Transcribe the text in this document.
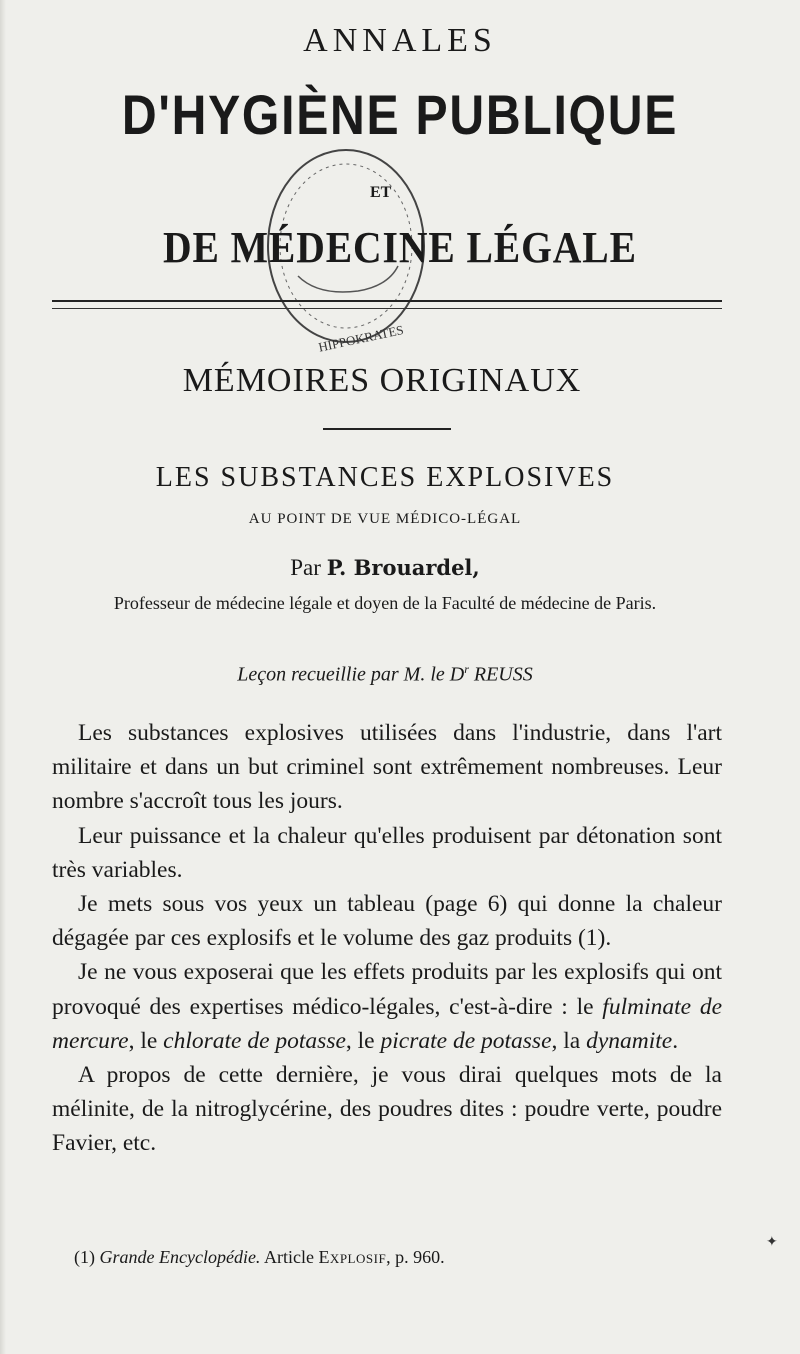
ANNALES
D'HYGIÈNE PUBLIQUE
HIPPOKRATES
ET
DE MÉDECINE LÉGALE
MÉMOIRES ORIGINAUX
LES SUBSTANCES EXPLOSIVES
AU POINT DE VUE MÉDICO-LÉGAL
Par P. Brouardel,
Professeur de médecine légale et doyen de la Faculté de médecine de Paris.
Leçon recueillie par M. le $D^r$ REUSS

Les substances explosives utilisées dans l'industrie, dans l'art militaire et dans un but criminel sont extrêmement nombreuses. Leur nombre s'accroît tous les jours.

Leur puissance et la chaleur qu'elles produisent par détonation sont très variables.

Je mets sous vos yeux un tableau (page 6) qui donne la chaleur dégagée par ces explosifs et le volume des gaz produits (1).

Je ne vous exposerai que les effets produits par les explosifs qui ont provoqué des expertises médico-légales, c'est-à-dire : le fulminate de mercure, le chlorate de potasse, le picrate de potasse, la dynamite.

A propos de cette dernière, je vous dirai quelques mots de la mélinite, de la nitroglycérine, des poudres dites : poudre verte, poudre Favier, etc.

(1) Grande Encyclopédie. Article Explosif, p. 960.
✦
